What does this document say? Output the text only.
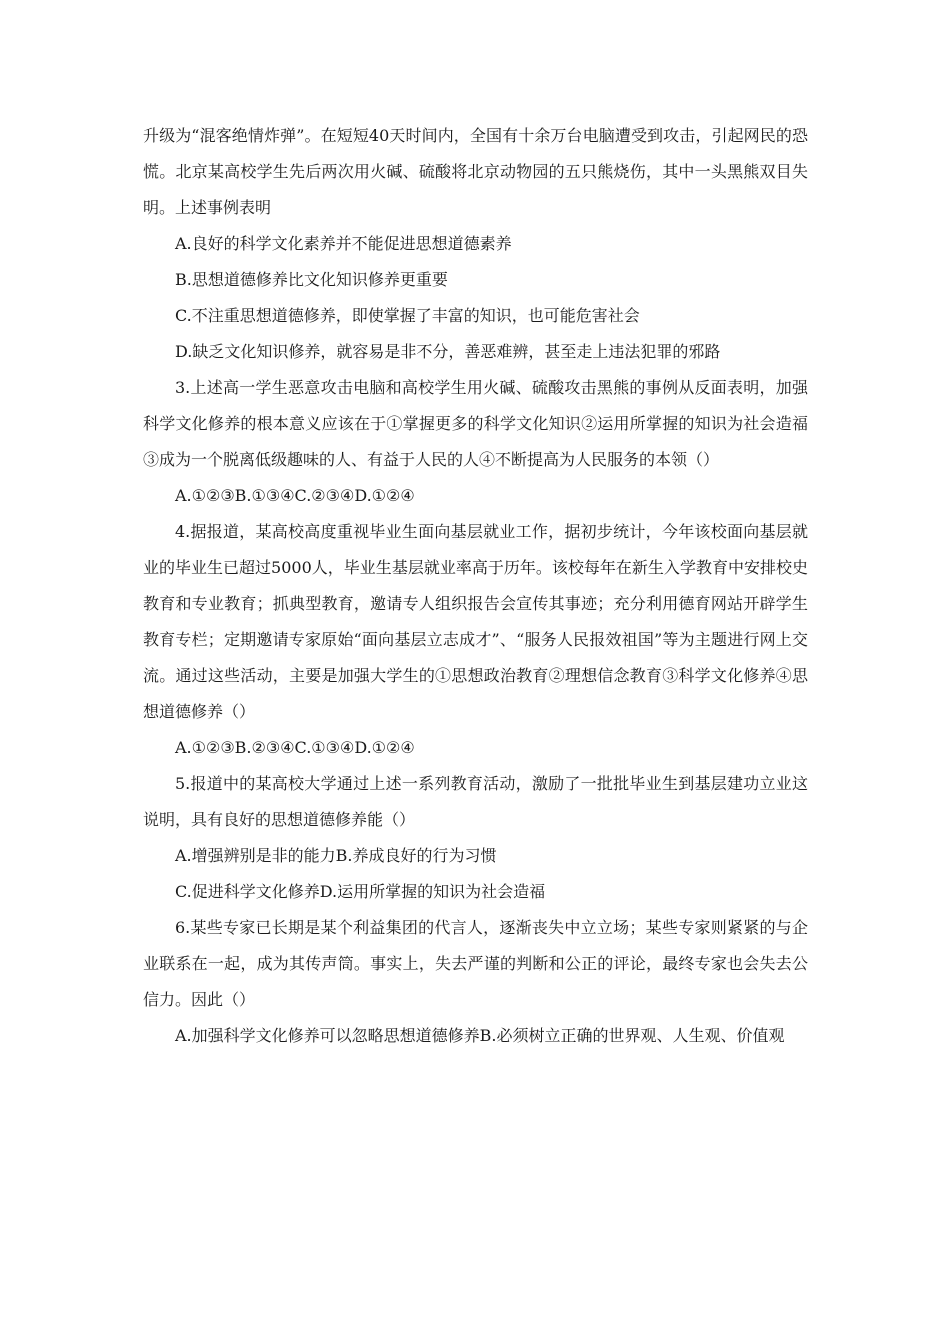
升级为“混客绝情炸弹”。在短短40天时间内，全国有十余万台电脑遭受到攻击，引起网民的恐慌。北京某高校学生先后两次用火碱、硫酸将北京动物园的五只熊烧伤，其中一头黑熊双目失明。上述事例表明

A.良好的科学文化素养并不能促进思想道德素养

B.思想道德修养比文化知识修养更重要

C.不注重思想道德修养，即使掌握了丰富的知识，也可能危害社会

D.缺乏文化知识修养，就容易是非不分，善恶难辨，甚至走上违法犯罪的邪路

3.上述高一学生恶意攻击电脑和高校学生用火碱、硫酸攻击黑熊的事例从反面表明，加强科学文化修养的根本意义应该在于①掌握更多的科学文化知识②运用所掌握的知识为社会造福③成为一个脱离低级趣味的人、有益于人民的人④不断提高为人民服务的本领（）

A.①②③B.①③④C.②③④D.①②④

4.据报道，某高校高度重视毕业生面向基层就业工作，据初步统计，今年该校面向基层就业的毕业生已超过5000人，毕业生基层就业率高于历年。该校每年在新生入学教育中安排校史教育和专业教育；抓典型教育，邀请专人组织报告会宣传其事迹；充分利用德育网站开辟学生教育专栏；定期邀请专家原始“面向基层立志成才”、“服务人民报效祖国”等为主题进行网上交流。通过这些活动，主要是加强大学生的①思想政治教育②理想信念教育③科学文化修养④思想道德修养（）

A.①②③B.②③④C.①③④D.①②④

5.报道中的某高校大学通过上述一系列教育活动，激励了一批批毕业生到基层建功立业这说明，具有良好的思想道德修养能（）

A.增强辨别是非的能力B.养成良好的行为习惯

C.促进科学文化修养D.运用所掌握的知识为社会造福

6.某些专家已长期是某个利益集团的代言人，逐渐丧失中立立场；某些专家则紧紧的与企业联系在一起，成为其传声筒。事实上，失去严谨的判断和公正的评论，最终专家也会失去公信力。因此（）

A.加强科学文化修养可以忽略思想道德修养B.必须树立正确的世界观、人生观、价值观
